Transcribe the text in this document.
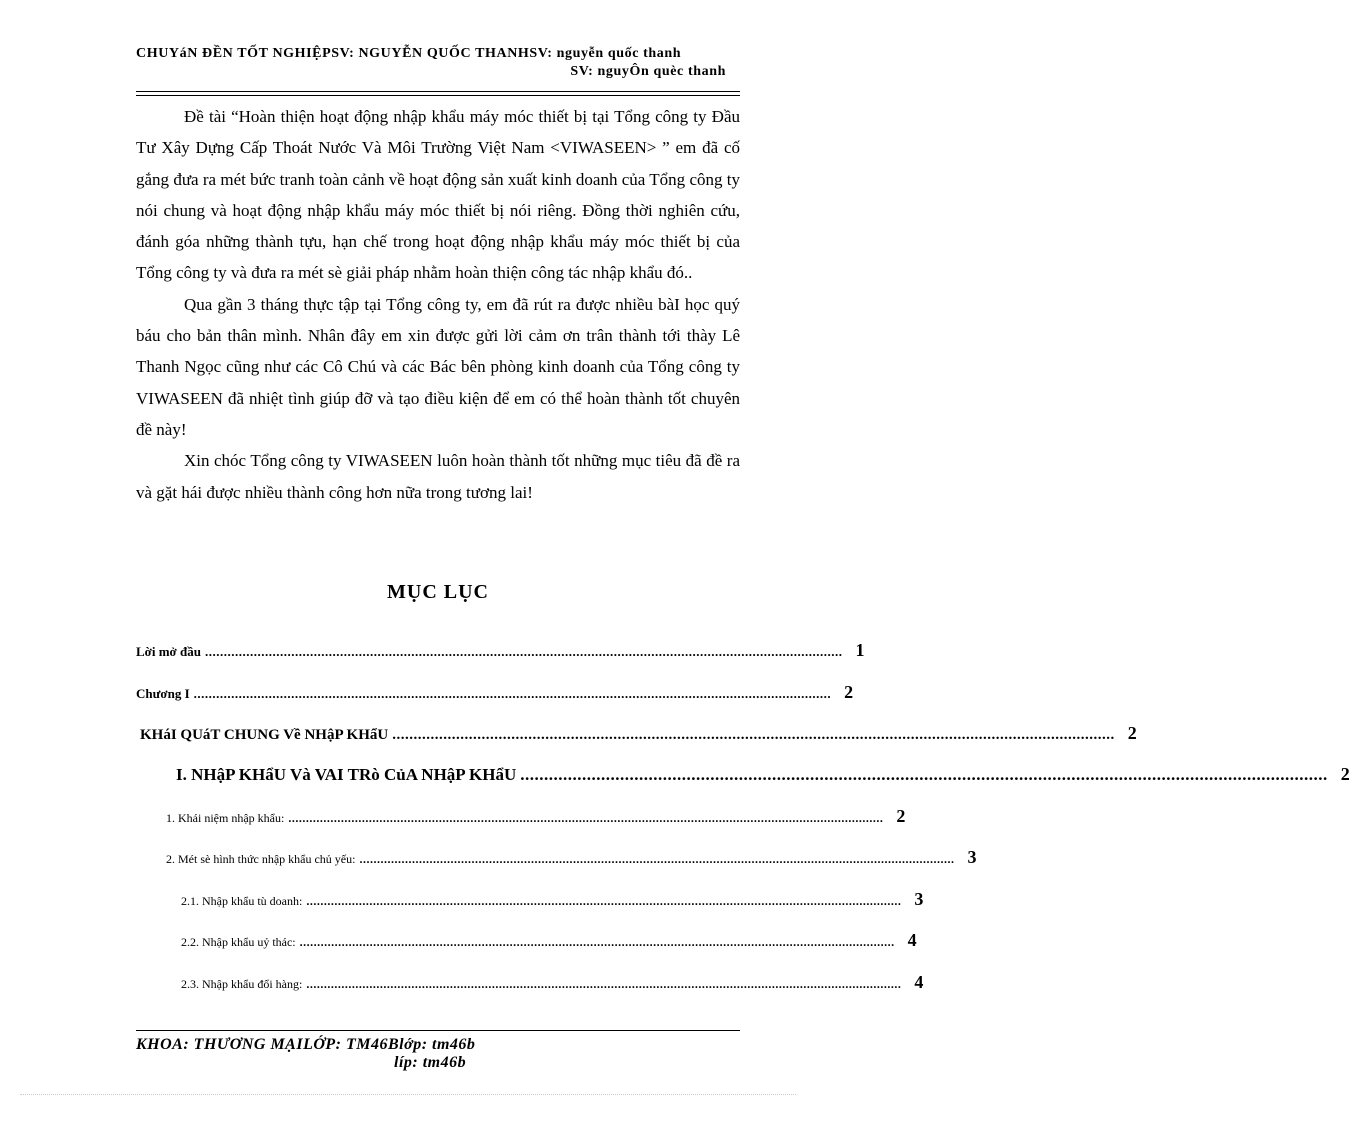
CHUYáN ĐỀN TỐT NGHIỆPSV: NGUYỄN QUỐC THANHSV: nguyễn quốc thanh
SV: nguyÔn quèc thanh

Đề tài “Hoàn thiện hoạt động nhập khẩu máy móc thiết bị tại Tổng công ty Đầu Tư Xây Dựng Cấp Thoát Nước Và Môi Trường Việt Nam <VIWASEEN> ” em đã cố gắng đưa ra mét bức tranh toàn cảnh về hoạt động sản xuất kinh doanh của Tổng công ty nói chung và hoạt động nhập khẩu máy móc thiết bị nói riêng. Đồng thời nghiên cứu, đánh góa những thành tựu, hạn chế trong hoạt động nhập khẩu máy móc thiết bị của Tổng công ty và đưa ra mét sè giải pháp nhằm hoàn thiện công tác nhập khẩu đó..

Qua gần 3 tháng thực tập tại Tổng công ty, em đã rút ra được nhiều bàI học quý báu cho bản thân mình. Nhân đây em xin được gửi lời cảm ơn trân thành tới thày Lê Thanh Ngọc cũng như các Cô Chú và các Bác bên phòng kinh doanh của Tổng công ty VIWASEEN đã nhiệt tình giúp đỡ và tạo điều kiện để em có thể hoàn thành tốt chuyên đề này!

Xin chóc Tổng công ty VIWASEEN luôn hoàn thành tốt những mục tiêu đã đề ra và gặt hái được nhiều thành công hơn nữa trong tương lai!

MỤC LỤC
Lời mở đầu .......................................................................................................................................................................... 1
Chương I .......................................................................................................................................................................... 2
KHáI QUáT CHUNG Về NHậP KHẩU .......................................................................................................................................................................... 2
I. NHậP KHẩU Và VAI TRò CủA NHậP KHẩU .......................................................................................................................................................................... 2
1. Khái niệm nhập khẩu: .......................................................................................................................................................................... 2
2. Mét sè hình thức nhập khẩu chủ yếu: .......................................................................................................................................................................... 3
2.1. Nhập khẩu tù doanh: .......................................................................................................................................................................... 3
2.2. Nhập khẩu uỷ thác: .......................................................................................................................................................................... 4
2.3. Nhập khẩu đổi hàng: .......................................................................................................................................................................... 4
KHOA: THƯƠNG MẠILỚP: TM46Blớp: tm46b
líp: tm46b
